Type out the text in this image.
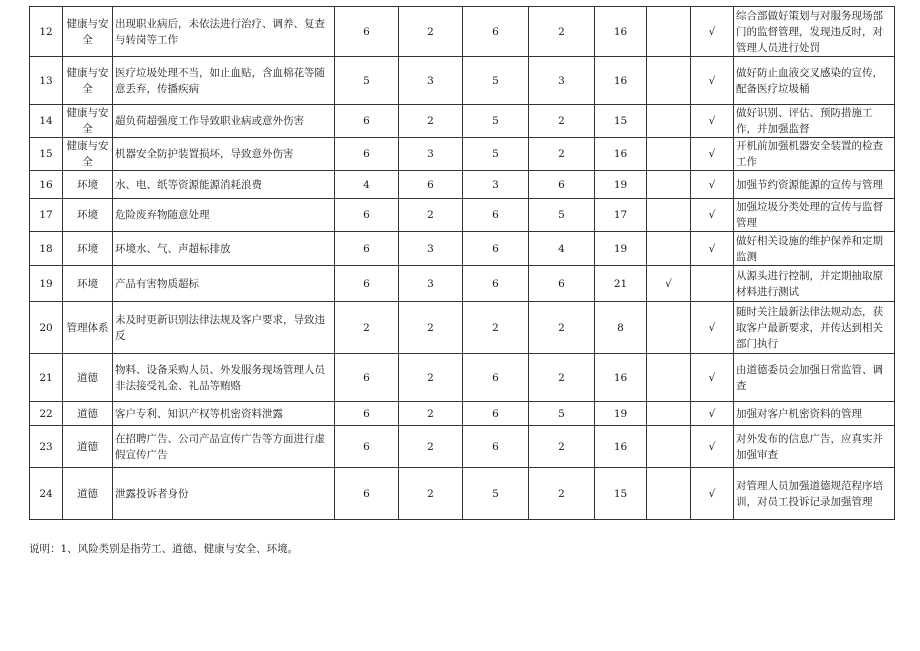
12	健康与安全	出现职业病后，未依法进行治疗、调养、复查与转岗等工作	6	2	6	2	16		√	综合部做好策划与对服务现场部门的监督管理，发现违反时，对管理人员进行处罚
13	健康与安全	医疗垃圾处理不当，如止血贴，含血棉花等随意丢弃，传播疾病	5	3	5	3	16		√	做好防止血液交叉感染的宣传，配备医疗垃圾桶
14	健康与安全	超负荷超强度工作导致职业病或意外伤害	6	2	5	2	15		√	做好识别、评估、预防措施工作，并加强监督
15	健康与安全	机器安全防护装置损坏，导致意外伤害	6	3	5	2	16		√	开机前加强机器安全装置的检查工作
16	环境	水、电、纸等资源能源消耗浪费	4	6	3	6	19		√	加强节约资源能源的宣传与管理
17	环境	危险废弃物随意处理	6	2	6	5	17		√	加强垃圾分类处理的宣传与监督管理
18	环境	环境水、气、声超标排放	6	3	6	4	19		√	做好相关设施的维护保养和定期监测
19	环境	产品有害物质超标	6	3	6	6	21	√		从源头进行控制，并定期抽取原材料进行测试
20	管理体系	未及时更新识别法律法规及客户要求，导致违反	2	2	2	2	8		√	随时关注最新法律法规动态，获取客户最新要求，并传达到相关部门执行
21	道德	物料、设备采购人员、外发服务现场管理人员非法接受礼金、礼品等贿赂	6	2	6	2	16		√	由道德委员会加强日常监管、调查
22	道德	客户专利、知识产权等机密资料泄露	6	2	6	5	19		√	加强对客户机密资料的管理
23	道德	在招聘广告、公司产品宣传广告等方面进行虚假宣传广告	6	2	6	2	16		√	对外发布的信息广告，应真实并加强审查
24	道德	泄露投诉者身份	6	2	5	2	15		√	对管理人员加强道德规范程序培训，对员工投诉记录加强管理
说明：1、风险类别是指劳工、道德、健康与安全、环境。
